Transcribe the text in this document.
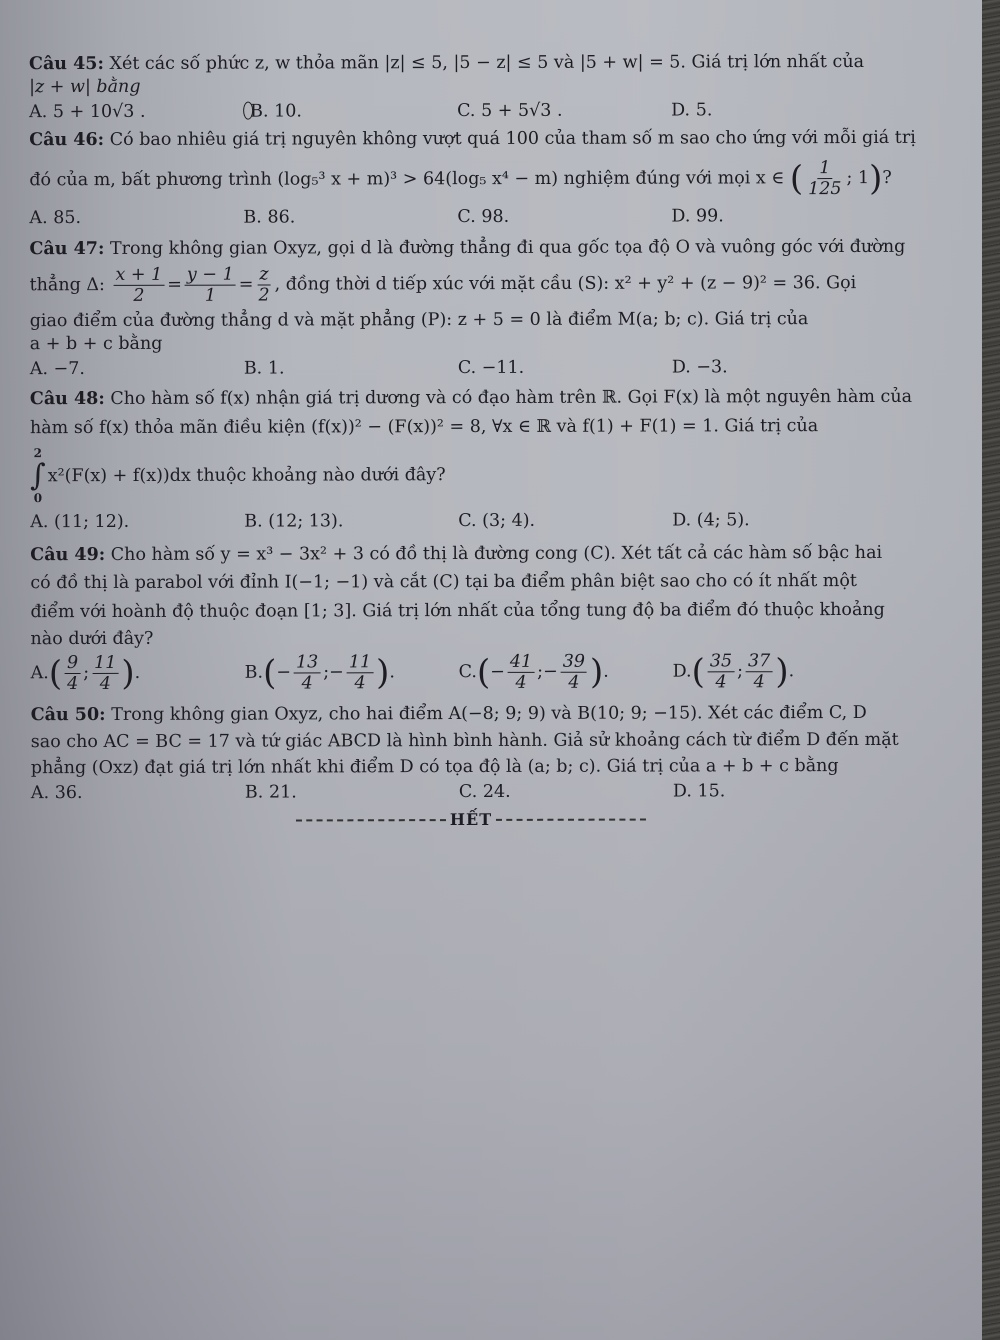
Câu 45: Xét các số phức z, w thỏa mãn |z| ≤ 5, |5 − z| ≤ 5 và |5 + w| = 5. Giá trị lớn nhất của
|z + w| bằng
A. 5 + 10√3 .	B. 10.	C. 5 + 5√3 .	D. 5.
Câu 46: Có bao nhiêu giá trị nguyên không vượt quá 100 của tham số m sao cho ứng với mỗi giá trị
đó của m, bất phương trình (log₅³ x + m)³ > 64(log₅ x⁴ − m) nghiệm đúng với mọi x ∈ ( $\frac{1}{125}$ ; 1)?
A. 85.	B. 86.	C. 98.	D. 99.
Câu 47: Trong không gian Oxyz, gọi d là đường thẳng đi qua gốc tọa độ O và vuông góc với đường
thẳng Δ: $\frac{x + 1}{2} = \frac{y - 1}{1} = \frac{z}{2}$ , đồng thời d tiếp xúc với mặt cầu (S): x² + y² + (z − 9)² = 36. Gọi
giao điểm của đường thẳng d và mặt phẳng (P): z + 5 = 0 là điểm M(a; b; c). Giá trị của
a + b + c bằng
A. −7.	B. 1.	C. −11.	D. −3.
Câu 48: Cho hàm số f(x) nhận giá trị dương và có đạo hàm trên ℝ. Gọi F(x) là một nguyên hàm của
hàm số f(x) thỏa mãn điều kiện (f(x))² − (F(x))² = 8, ∀x ∈ ℝ và f(1) + F(1) = 1. Giá trị của
2
∫
0
x²(F(x) + f(x))dx thuộc khoảng nào dưới đây?
A. (11; 12).	B. (12; 13).	C. (3; 4).	D. (4; 5).
Câu 49: Cho hàm số y = x³ − 3x² + 3 có đồ thị là đường cong (C). Xét tất cả các hàm số bậc hai
có đồ thị là parabol với đỉnh I(−1; −1) và cắt (C) tại ba điểm phân biệt sao cho có ít nhất một
điểm với hoành độ thuộc đoạn [1; 3]. Giá trị lớn nhất của tổng tung độ ba điểm đó thuộc khoảng
nào dưới đây?
$A.( \frac{9}{4}$ ; $\frac{11}{4}$ ).	$B.(- \frac{13}{4}$ ;− $\frac{11}{4}$ ).	$C.(- \frac{41}{4}$ ;− $\frac{39}{4}$ ).	$D.( \frac{35}{4}$ ; $\frac{37}{4}$ ).
Câu 50: Trong không gian Oxyz, cho hai điểm A(−8; 9; 9) và B(10; 9; −15). Xét các điểm C, D
sao cho AC = BC = 17 và tứ giác ABCD là hình bình hành. Giả sử khoảng cách từ điểm D đến mặt
phẳng (Oxz) đạt giá trị lớn nhất khi điểm D có tọa độ là (a; b; c). Giá trị của a + b + c bằng
A. 36.	B. 21.	C. 24.	D. 15.
HẾT
